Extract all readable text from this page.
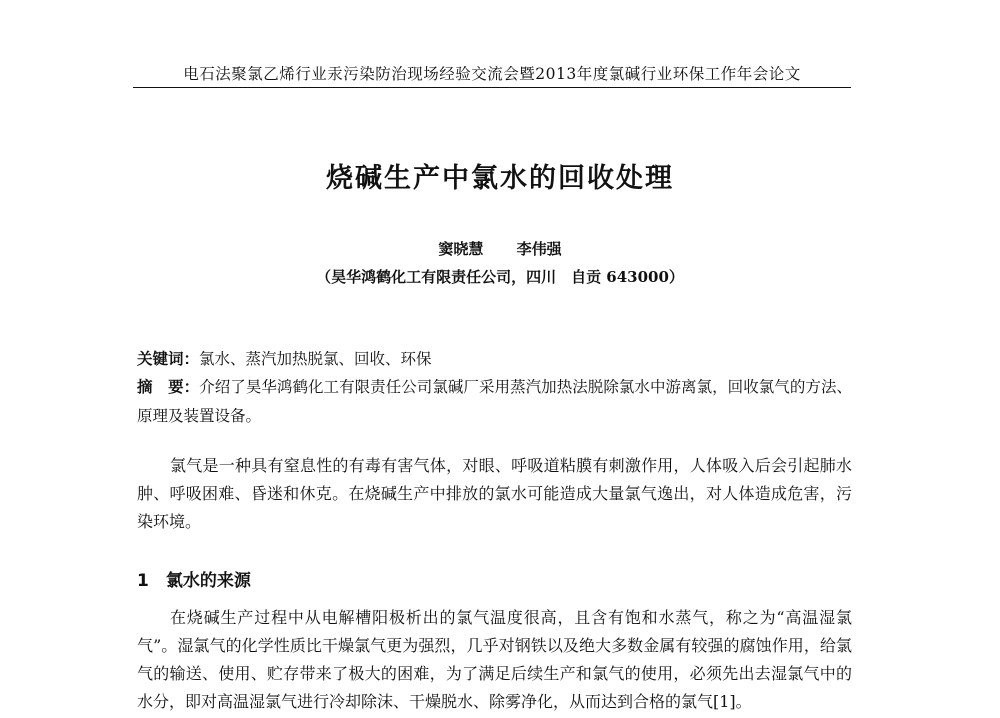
电石法聚氯乙烯行业汞污染防治现场经验交流会暨2013年度氯碱行业环保工作年会论文
烧碱生产中氯水的回收处理
窦晓慧 李伟强
（昊华鸿鹤化工有限责任公司，四川　自贡 643000）
关键词：氯水、蒸汽加热脱氯、回收、环保
摘　要：介绍了昊华鸿鹤化工有限责任公司氯碱厂采用蒸汽加热法脱除氯水中游离氯，回收氯气的方法、原理及装置设备。
氯气是一种具有窒息性的有毒有害气体，对眼、呼吸道粘膜有刺激作用，人体吸入后会引起肺水肿、呼吸困难、昏迷和休克。在烧碱生产中排放的氯水可能造成大量氯气逸出，对人体造成危害，污染环境。
1　氯水的来源
在烧碱生产过程中从电解槽阳极析出的氯气温度很高，且含有饱和水蒸气，称之为“高温湿氯气”。湿氯气的化学性质比干燥氯气更为强烈，几乎对钢铁以及绝大多数金属有较强的腐蚀作用，给氯气的输送、使用、贮存带来了极大的困难，为了满足后续生产和氯气的使用，必须先出去湿氯气中的水分，即对高温湿氯气进行冷却除沫、干燥脱水、除雾净化，从而达到合格的氯气[1]。
